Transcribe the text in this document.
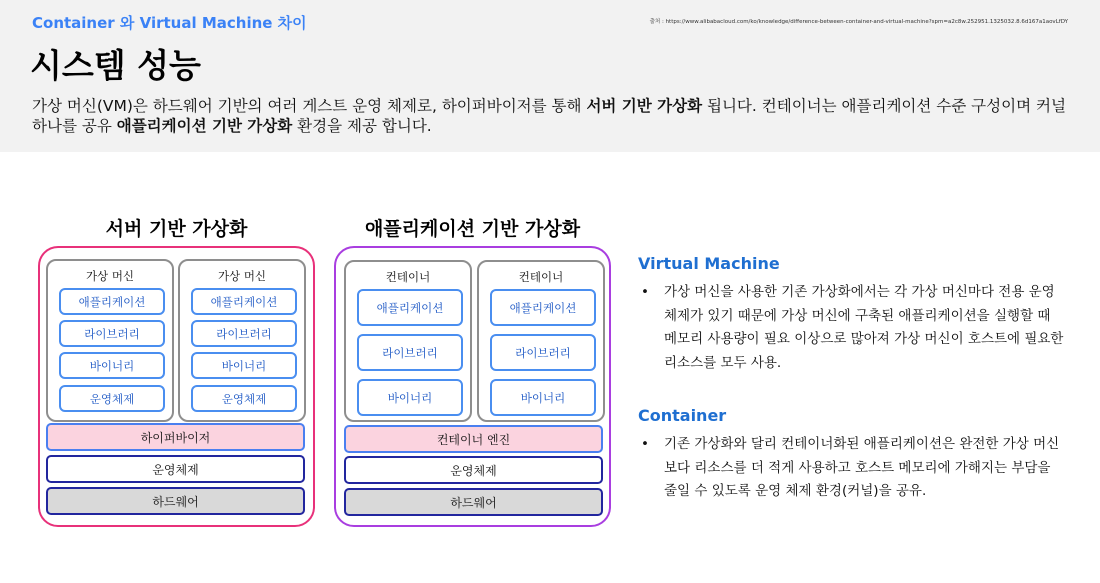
Container 와 Virtual Machine 차이	출처 : https://www.alibabacloud.com/ko/knowledge/difference-between-container-and-virtual-machine?spm=a2c8w.252951.1325032.8.6d167a1aovLfDY
시스템 성능
가상 머신(VM)은 하드웨어 기반의 여러 게스트 운영 체제로, 하이퍼바이저를 통해 서버 기반 가상화 됩니다. 컨테이너는 애플리케이션 수준 구성이며 커널 하나를 공유 애플리케이션 기반 가상화 환경을 제공 합니다.
서버 기반 가상화
가상 머신
애플리케이션
라이브러리
바이너리
운영체제
가상 머신
애플리케이션
라이브러리
바이너리
운영체제
하이퍼바이저
운영체제
하드웨어
애플리케이션 기반 가상화
컨테이너
애플리케이션
라이브러리
바이너리
컨테이너
애플리케이션
라이브러리
바이너리
컨테이너 엔진
운영체제
하드웨어
Virtual Machine
• 가상 머신을 사용한 기존 가상화에서는 각 가상 머신마다 전용 운영 체제가 있기 때문에 가상 머신에 구축된 애플리케이션을 실행할 때 메모리 사용량이 필요 이상으로 많아져 가상 머신이 호스트에 필요한 리소스를 모두 사용.
Container
• 기존 가상화와 달리 컨테이너화된 애플리케이션은 완전한 가상 머신 보다 리소스를 더 적게 사용하고 호스트 메모리에 가해지는 부담을 줄일 수 있도록 운영 체제 환경(커널)을 공유.
